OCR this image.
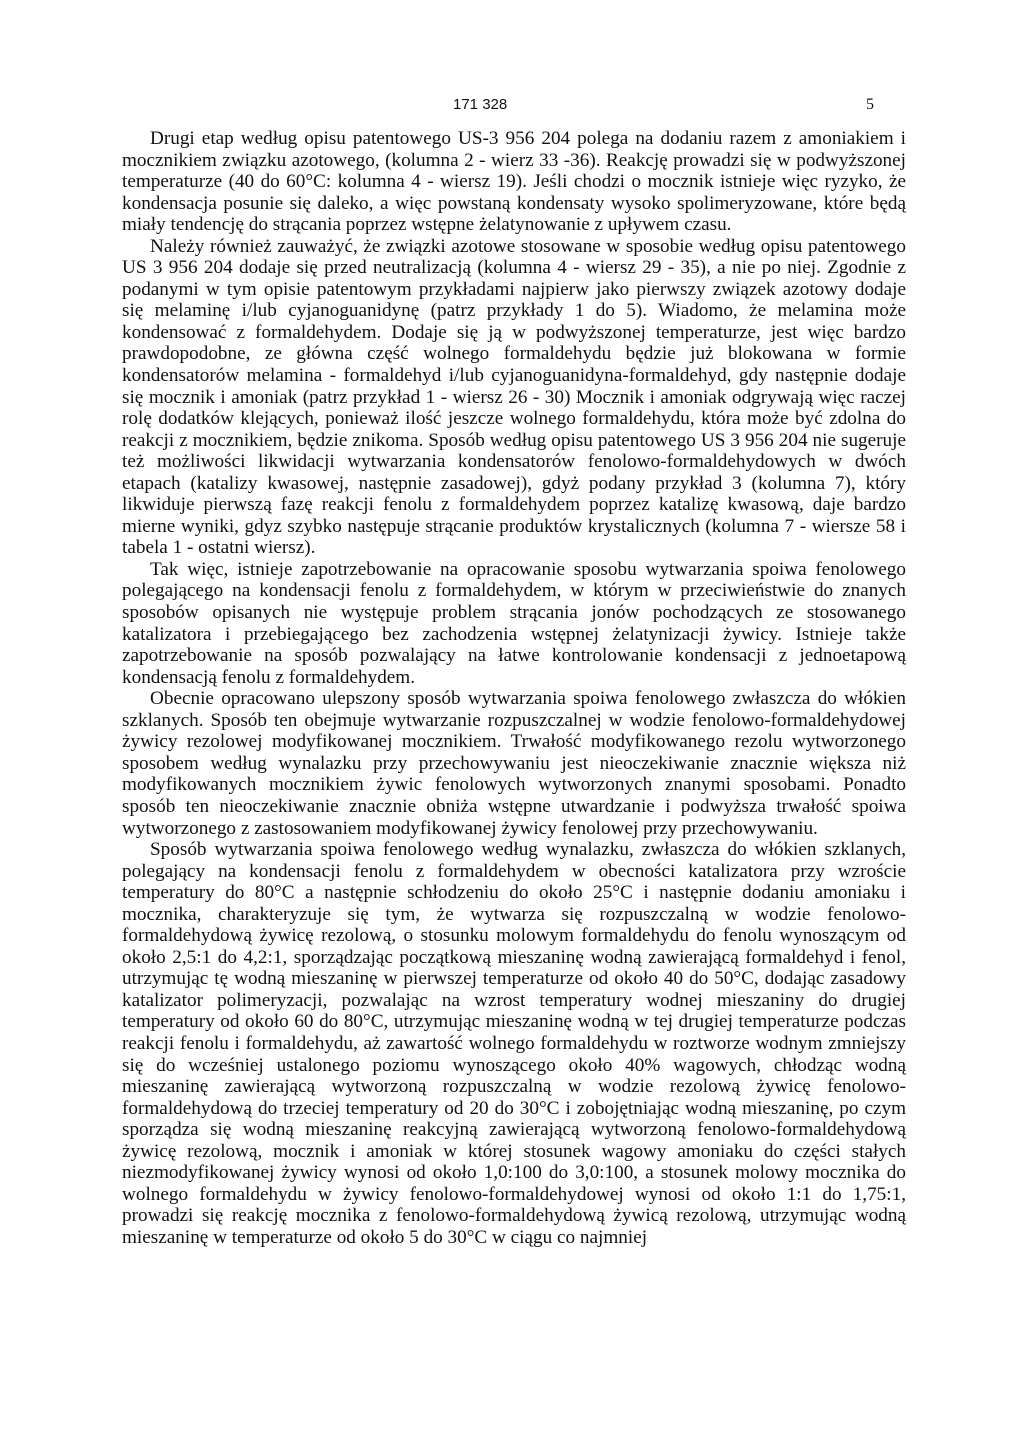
171 328	5

Drugi etap według opisu patentowego US-3 956 204 polega na dodaniu razem z amoniakiem i mocznikiem związku azotowego, (kolumna 2 - wierz 33 -36). Reakcję prowadzi się w podwyższonej temperaturze (40 do 60°C: kolumna 4 - wiersz 19). Jeśli chodzi o mocznik istnieje więc ryzyko, że kondensacja posunie się daleko, a więc powstaną kondensaty wysoko spolimeryzowane, które będą miały tendencję do strącania poprzez wstępne żelatynowanie z upływem czasu.

Należy również zauważyć, że związki azotowe stosowane w sposobie według opisu patentowego US 3 956 204 dodaje się przed neutralizacją (kolumna 4 - wiersz 29 - 35), a nie po niej. Zgodnie z podanymi w tym opisie patentowym przykładami najpierw jako pierwszy związek azotowy dodaje się melaminę i/lub cyjanoguanidynę (patrz przykłady 1 do 5). Wiadomo, że melamina może kondensować z formaldehydem. Dodaje się ją w podwyższonej temperaturze, jest więc bardzo prawdopodobne, ze główna część wolnego formaldehydu będzie już blokowana w formie kondensatorów melamina - formaldehyd i/lub cyjanoguanidyna-formaldehyd, gdy następnie dodaje się mocznik i amoniak (patrz przykład 1 - wiersz 26 - 30) Mocznik i amoniak odgrywają więc raczej rolę dodatków klejących, ponieważ ilość jeszcze wolnego formaldehydu, która może być zdolna do reakcji z mocznikiem, będzie znikoma. Sposób według opisu patentowego US 3 956 204 nie sugeruje też możliwości likwidacji wytwarzania kondensatorów fenolowo-formaldehydowych w dwóch etapach (katalizy kwasowej, następnie zasadowej), gdyż podany przykład 3 (kolumna 7), który likwiduje pierwszą fazę reakcji fenolu z formaldehydem poprzez katalizę kwasową, daje bardzo mierne wyniki, gdyz szybko następuje strącanie produktów krystalicznych (kolumna 7 - wiersze 58 i tabela 1 - ostatni wiersz).

Tak więc, istnieje zapotrzebowanie na opracowanie sposobu wytwarzania spoiwa fenolowego polegającego na kondensacji fenolu z formaldehydem, w którym w przeciwieństwie do znanych sposobów opisanych nie występuje problem strącania jonów pochodzących ze stosowanego katalizatora i przebiegającego bez zachodzenia wstępnej żelatynizacji żywicy. Istnieje także zapotrzebowanie na sposób pozwalający na łatwe kontrolowanie kondensacji z jednoetapową kondensacją fenolu z formaldehydem.

Obecnie opracowano ulepszony sposób wytwarzania spoiwa fenolowego zwłaszcza do włókien szklanych. Sposób ten obejmuje wytwarzanie rozpuszczalnej w wodzie fenolowo-formaldehydowej żywicy rezolowej modyfikowanej mocznikiem. Trwałość modyfikowanego rezolu wytworzonego sposobem według wynalazku przy przechowywaniu jest nieoczekiwanie znacznie większa niż modyfikowanych mocznikiem żywic fenolowych wytworzonych znanymi sposobami. Ponadto sposób ten nieoczekiwanie znacznie obniża wstępne utwardzanie i podwyższa trwałość spoiwa wytworzonego z zastosowaniem modyfikowanej żywicy fenolowej przy przechowywaniu.

Sposób wytwarzania spoiwa fenolowego według wynalazku, zwłaszcza do włókien szklanych, polegający na kondensacji fenolu z formaldehydem w obecności katalizatora przy wzroście temperatury do 80°C a następnie schłodzeniu do około 25°C i następnie dodaniu amoniaku i mocznika, charakteryzuje się tym, że wytwarza się rozpuszczalną w wodzie fenolowo-formaldehydową żywicę rezolową, o stosunku molowym formaldehydu do fenolu wynoszącym od około 2,5:1 do 4,2:1, sporządzając początkową mieszaninę wodną zawierającą formaldehyd i fenol, utrzymując tę wodną mieszaninę w pierwszej temperaturze od około 40 do 50°C, dodając zasadowy katalizator polimeryzacji, pozwalając na wzrost temperatury wodnej mieszaniny do drugiej temperatury od około 60 do 80°C, utrzymując mieszaninę wodną w tej drugiej temperaturze podczas reakcji fenolu i formaldehydu, aż zawartość wolnego formaldehydu w roztworze wodnym zmniejszy się do wcześniej ustalonego poziomu wynoszącego około 40% wagowych, chłodząc wodną mieszaninę zawierającą wytworzoną rozpuszczalną w wodzie rezolową żywicę fenolowo-formaldehydową do trzeciej temperatury od 20 do 30°C i zobojętniając wodną mieszaninę, po czym sporządza się wodną mieszaninę reakcyjną zawierającą wytworzoną fenolowo-formaldehydową żywicę rezolową, mocznik i amoniak w której stosunek wagowy amoniaku do części stałych niezmodyfikowanej żywicy wynosi od około 1,0:100 do 3,0:100, a stosunek molowy mocznika do wolnego formaldehydu w żywicy fenolowo-formaldehydowej wynosi od około 1:1 do 1,75:1, prowadzi się reakcję mocznika z fenolowo-formaldehydową żywicą rezolową, utrzymując wodną mieszaninę w temperaturze od około 5 do 30°C w ciągu co najmniej
